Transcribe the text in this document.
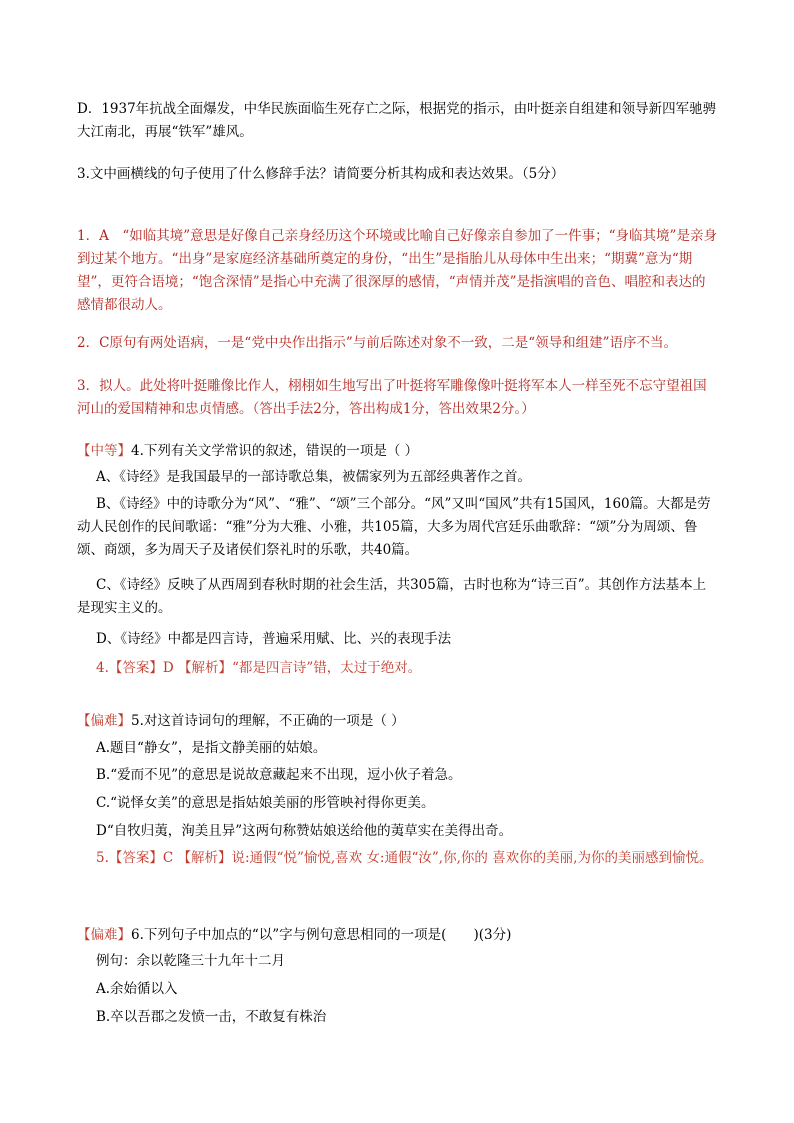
D．1937年抗战全面爆发，中华民族面临生死存亡之际，根据党的指示，由叶挺亲自组建和领导新四军驰骋大江南北，再展“铁军”雄风。

3.文中画横线的句子使用了什么修辞手法？请简要分析其构成和表达效果。（5分）

1．A　“如临其境”意思是好像自己亲身经历这个环境或比喻自己好像亲自参加了一件事；“身临其境”是亲身到过某个地方。“出身”是家庭经济基础所奠定的身份，“出生”是指胎儿从母体中生出来；“期冀”意为“期望”，更符合语境；“饱含深情”是指心中充满了很深厚的感情，“声情并茂”是指演唱的音色、唱腔和表达的感情都很动人。

2．C原句有两处语病，一是“党中央作出指示”与前后陈述对象不一致，二是“领导和组建”语序不当。

3．拟人。此处将叶挺雕像比作人，栩栩如生地写出了叶挺将军雕像像叶挺将军本人一样至死不忘守望祖国河山的爱国精神和忠贞情感。（答出手法2分，答出构成1分，答出效果2分。）

【中等】4.下列有关文学常识的叙述，错误的一项是（ ）

A、《诗经》是我国最早的一部诗歌总集，被儒家列为五部经典著作之首。

B、《诗经》中的诗歌分为“风”、“雅”、“颂”三个部分。“风”又叫“国风”共有15国风，160篇。大都是劳动人民创作的民间歌谣：“雅”分为大雅、小雅，共105篇，大多为周代宫廷乐曲歌辞：“颂”分为周颂、鲁颂、商颂，多为周天子及诸侯们祭礼时的乐歌，共40篇。

C、《诗经》反映了从西周到春秋时期的社会生活，共305篇，古时也称为“诗三百”。其创作方法基本上是现实主义的。

D、《诗经》中都是四言诗，普遍采用赋、比、兴的表现手法

4.【答案】D 【解析】“都是四言诗”错，太过于绝对。

【偏难】5.对这首诗词句的理解，不正确的一项是（ ）

A.题目“静女”，是指文静美丽的姑娘。

B.“爱而不见”的意思是说故意藏起来不出现，逗小伙子着急。

C.“说怿女美”的意思是指姑娘美丽的彤管映衬得你更美。

D“自牧归荑，洵美且异”这两句称赞姑娘送给他的荑草实在美得出奇。

5.【答案】C 【解析】说:通假“悦”愉悦,喜欢 女:通假“汝”,你,你的 喜欢你的美丽,为你的美丽感到愉悦。

【偏难】6.下列句子中加点的“以”字与例句意思相同的一项是(　　)(3分)

例句：余以乾隆三十九年十二月

A.余始循以入

B.卒以吾郡之发愤一击，不敢复有株治
